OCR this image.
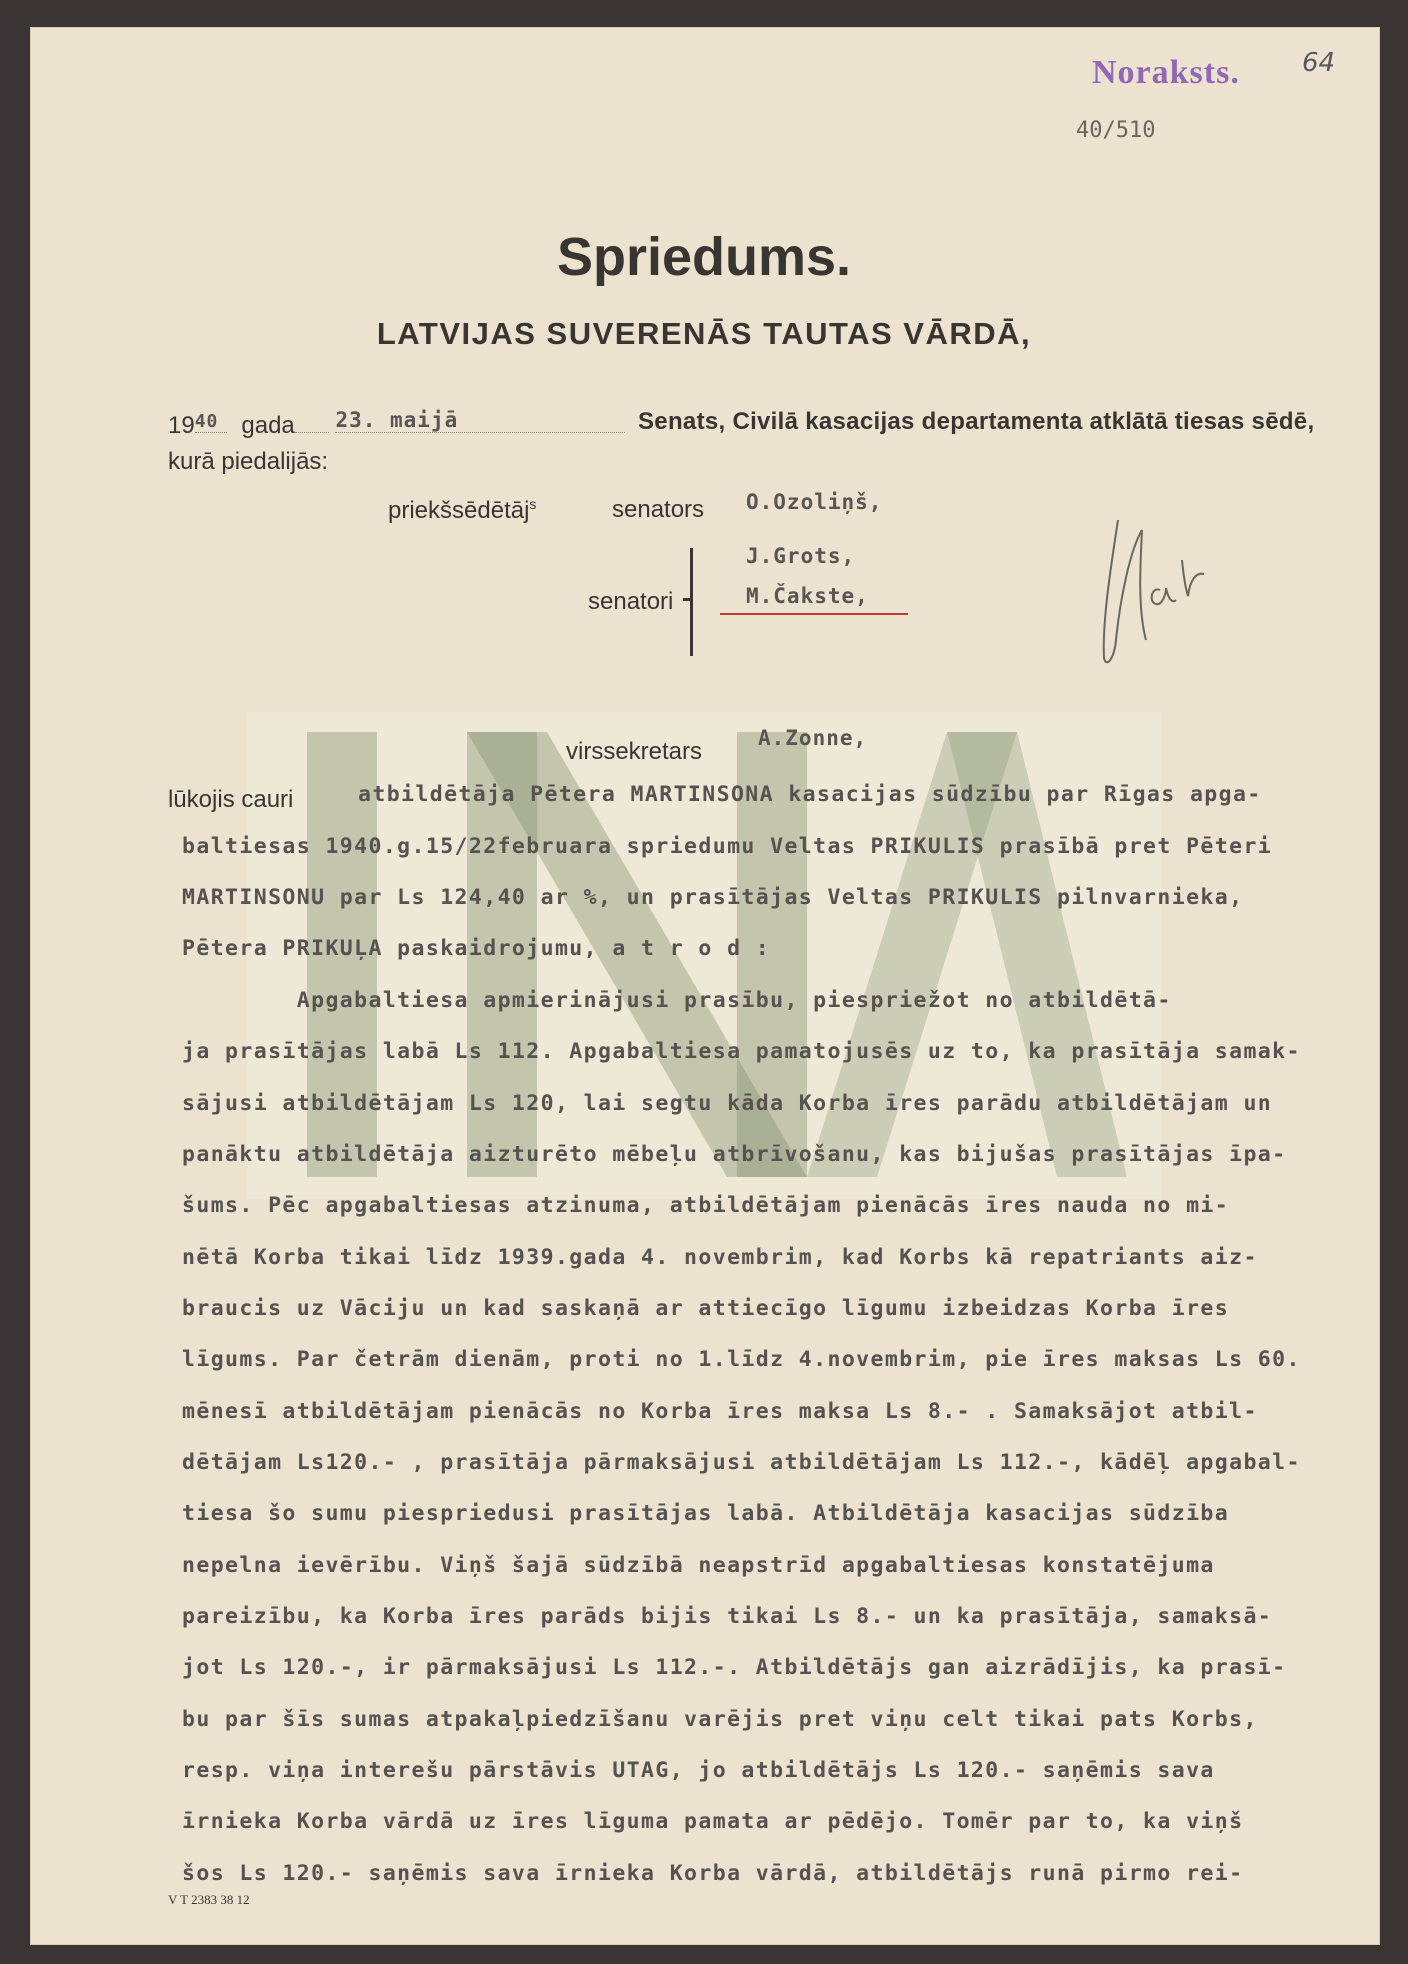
Noraksts. 64
40/510
Spriedums.
LATVIJAS SUVERENĀS TAUTAS VĀRDĀ,
1940 gada 23. maijā	Senats, Civilā kasacijas departamenta atklātā tiesas sēdē,
kurā piedalijās:
priekšsēdētāj$^s$	senators O.Ozoliņš,
J.Grots,
senatori	M.Čakste,
virssekretars	A.Zonne,
lūkojis cauri	atbildētāja Pētera MARTINSONA kasacijas sūdzību par Rīgas apga-
baltiesas 1940.g.15/22februara spriedumu Veltas PRIKULIS prasībā pret Pēteri
MARTINSONU par Ls 124,40 ar %, un prasītājas Veltas PRIKULIS pilnvarnieka,
Pētera PRIKUĻA paskaidrojumu, a t r o d :
Apgabaltiesa apmierinājusi prasību, piespriežot no atbildētā-
ja prasītājas labā Ls 112. Apgabaltiesa pamatojusēs uz to, ka prasītāja samak-
sājusi atbildētājam Ls 120, lai segtu kāda Korba īres parādu atbildētājam un
panāktu atbildētāja aizturēto mēbeļu atbrīvošanu, kas bijušas prasītājas īpa-
šums. Pēc apgabaltiesas atzinuma, atbildētājam pienācās īres nauda no mi-
nētā Korba tikai līdz 1939.gada 4. novembrim, kad Korbs kā repatriants aiz-
braucis uz Vāciju un kad saskaņā ar attiecīgo līgumu izbeidzas Korba īres
līgums. Par četrām dienām, proti no 1.līdz 4.novembrim, pie īres maksas Ls 60.
mēnesī atbildētājam pienācās no Korba īres maksa Ls 8.- . Samaksājot atbil-
dētājam Ls120.- , prasītāja pārmaksājusi atbildētājam Ls 112.-, kādēļ apgabal-
tiesa šo sumu piespriedusi prasītājas labā. Atbildētāja kasacijas sūdzība
nepelna ievērību. Viņš šajā sūdzībā neapstrīd apgabaltiesas konstatējuma
pareizību, ka Korba īres parāds bijis tikai Ls 8.- un ka prasītāja, samaksā-
jot Ls 120.-, ir pārmaksājusi Ls 112.-. Atbildētājs gan aizrādījis, ka prasī-
bu par šīs sumas atpakaļpiedzīšanu varējis pret viņu celt tikai pats Korbs,
resp. viņa interešu pārstāvis UTAG, jo atbildētājs Ls 120.- saņēmis sava
īrnieka Korba vārdā uz īres līguma pamata ar pēdējo. Tomēr par to, ka viņš
šos Ls 120.- saņēmis sava īrnieka Korba vārdā, atbildētājs runā pirmo rei-
V T 2383 38 12
